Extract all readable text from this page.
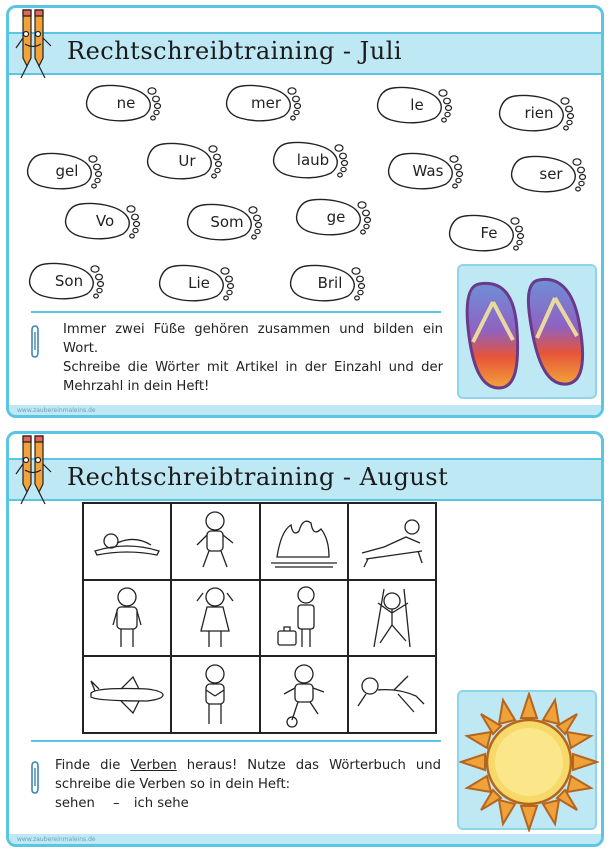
Rechtschreibtraining - Juli
ne	mer	le	rien
gel
Ur	laub
Was	ser
Vo	Som	ge
Fe
Son	Lie	Bril

Immer zwei Füße gehören zusammen und bilden ein Wort.

Schreibe die Wörter mit Artikel in der Einzahl und der Mehrzahl in dein Heft!

www.zaubereinmaleins.de
Rechtschreibtraining - August

Finde die Verben heraus! Nutze das Wörterbuch und schreibe die Verben so in dein Heft:

sehen – ich sehe

www.zaubereinmaleins.de
